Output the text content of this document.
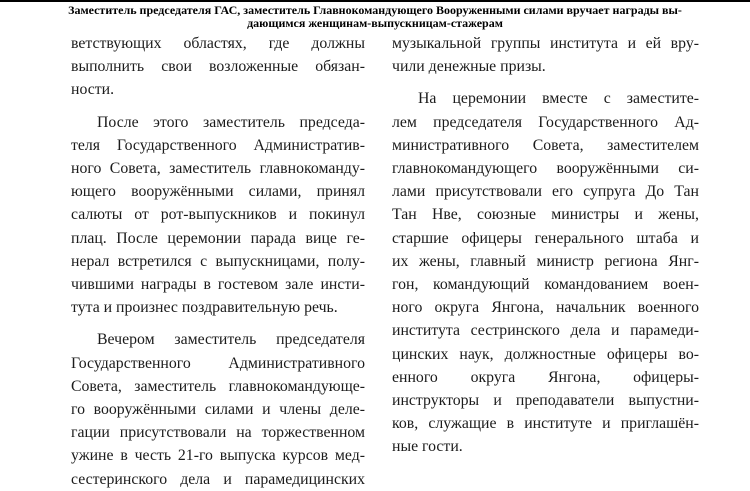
Заместитель председателя ГАС, заместитель Главнокомандующего Вооруженными силами вручает награды вы-
дающимся женщинам-выпускницам-стажерам

ветствующих областях, где должны
выполнить свои возложенные обязан-
ности.
После этого заместитель председа-
теля Государственного Административ-
ного Совета, заместитель главнокоманду-
ющего вооружёнными силами, принял
салюты от рот-выпускников и покинул
плац. После церемонии парада вице ге-
нерал встретился с выпускницами, полу-
чившими награды в гостевом зале инсти-
тута и произнес поздравительную речь.
Вечером заместитель председателя
Государственного Административного
Совета, заместитель главнокомандующе-
го вооружёнными силами и члены деле-
гации присутствовали на торжественном
ужине в честь 21-го выпуска курсов мед-
сестеринского дела и парамедицинских
музыкальной группы института и ей вру-
чили денежные призы.
На церемонии вместе с заместите-
лем председателя Государственного Ад-
министративного Совета, заместителем
главнокомандующего вооружёнными си-
лами присутствовали его супруга До Тан
Тан Нве, союзные министры и жены,
старшие офицеры генерального штаба и
их жены, главный министр региона Янг-
гон, командующий командованием воен-
ного округа Янгона, начальник военного
института сестринского дела и парамеди-
цинских наук, должностные офицеры во-
енного округа Янгона, офицеры-
инструкторы и преподаватели выпустни-
ков, служащие в институте и приглашён-
ные гости.
